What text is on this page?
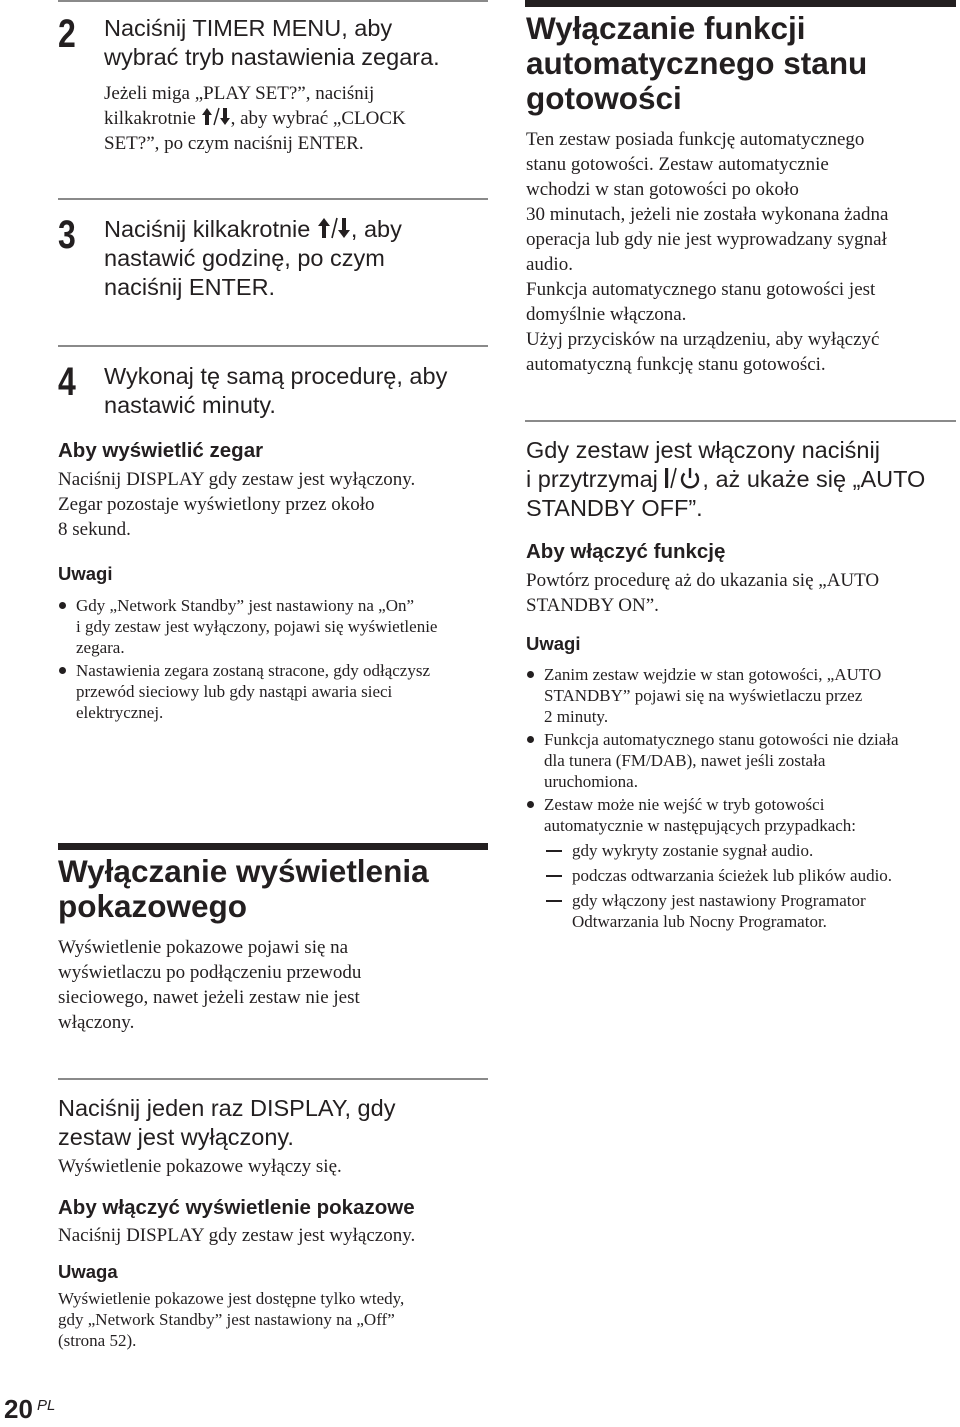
2 Naciśnij TIMER MENU, aby
wybrać tryb nastawienia zegara.
Jeżeli miga „PLAY SET?”, naciśnij
kilkakrotnie , aby wybrać „CLOCK
SET?”, po czym naciśnij ENTER.
3 Naciśnij kilkakrotnie , aby
nastawić godzinę, po czym
naciśnij ENTER.
4 Wykonaj tę samą procedurę, aby
nastawić minuty.
Aby wyświetlić zegar
Naciśnij DISPLAY gdy zestaw jest wyłączony.
Zegar pozostaje wyświetlony przez około
8 sekund.
Uwagi
Gdy „Network Standby” jest nastawiony na „On”
i gdy zestaw jest wyłączony, pojawi się wyświetlenie
zegara.
Nastawienia zegara zostaną stracone, gdy odłączysz
przewód sieciowy lub gdy nastąpi awaria sieci
elektrycznej.
Wyłączanie wyświetlenia
pokazowego
Wyświetlenie pokazowe pojawi się na
wyświetlaczu po podłączeniu przewodu
sieciowego, nawet jeżeli zestaw nie jest
włączony.
Naciśnij jeden raz DISPLAY, gdy
zestaw jest wyłączony.
Wyświetlenie pokazowe wyłączy się.
Aby włączyć wyświetlenie pokazowe
Naciśnij DISPLAY gdy zestaw jest wyłączony.
Uwaga
Wyświetlenie pokazowe jest dostępne tylko wtedy,
gdy „Network Standby” jest nastawiony na „Off”
(strona 52).
Wyłączanie funkcji
automatycznego stanu
gotowości
Ten zestaw posiada funkcję automatycznego
stanu gotowości. Zestaw automatycznie
wchodzi w stan gotowości po około
30 minutach, jeżeli nie została wykonana żadna
operacja lub gdy nie jest wyprowadzany sygnał
audio.
Funkcja automatycznego stanu gotowości jest
domyślnie włączona.
Użyj przycisków na urządzeniu, aby wyłączyć
automatyczną funkcję stanu gotowości.
Gdy zestaw jest włączony naciśnij
i przytrzymaj , aż ukaże się „AUTO
STANDBY OFF”.
Aby włączyć funkcję
Powtórz procedurę aż do ukazania się „AUTO
STANDBY ON”.
Uwagi
Zanim zestaw wejdzie w stan gotowości, „AUTO
STANDBY” pojawi się na wyświetlaczu przez
2 minuty.
Funkcja automatycznego stanu gotowości nie działa
dla tunera (FM/DAB), nawet jeśli została
uruchomiona.
Zestaw może nie wejść w tryb gotowości
automatycznie w następujących przypadkach:
gdy wykryty zostanie sygnał audio.
podczas odtwarzania ścieżek lub plików audio.
gdy włączony jest nastawiony Programator
Odtwarzania lub Nocny Programator.
20 PL
